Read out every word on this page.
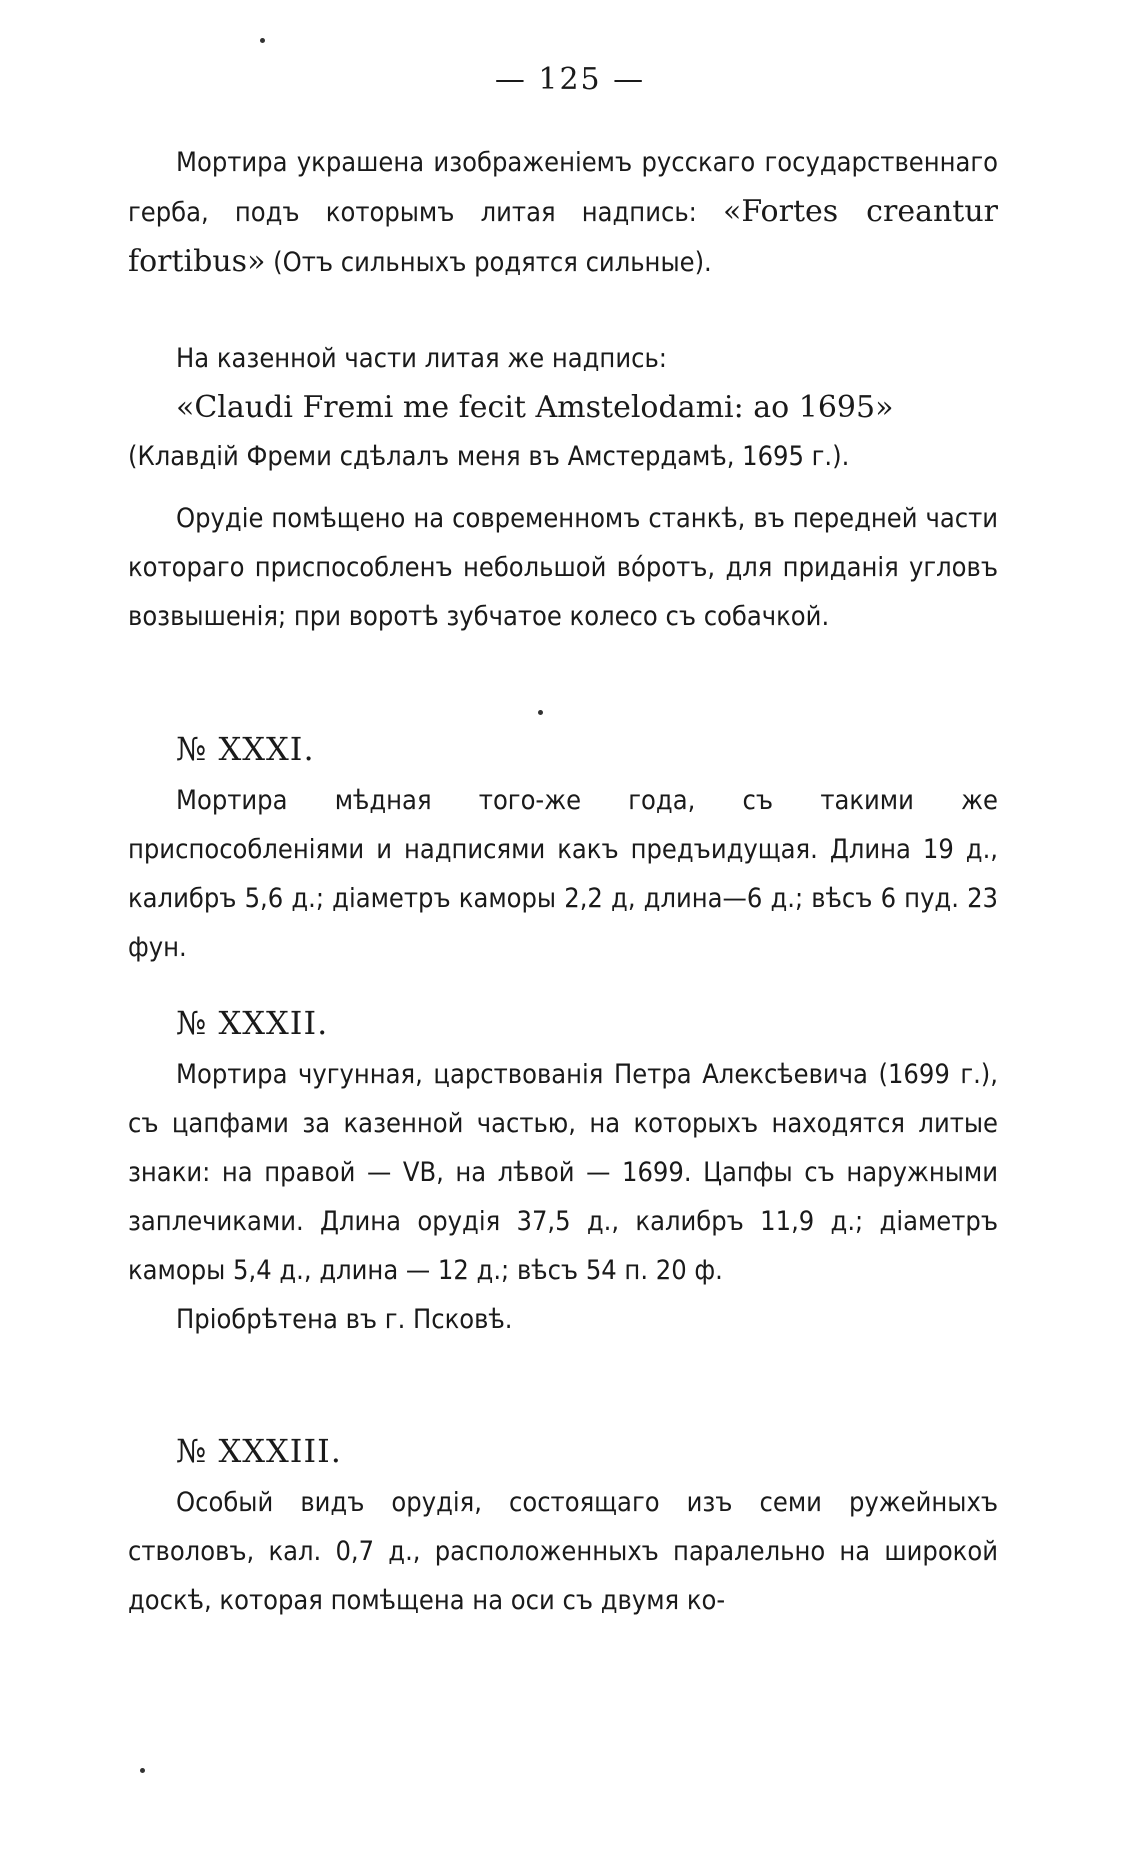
— 125 —

Мортира украшена изображеніемъ русскаго государственнаго герба, подъ которымъ литая надпись: «Fortes creantur fortibus» (Отъ сильныхъ родятся сильные).

На казенной части литая же надпись:

«Claudi Fremi me fecit Amstelodami: ао 1695»

(Клавдій Фреми сдѣлалъ меня въ Амстердамѣ, 1695 г.).

Орудіе помѣщено на современномъ станкѣ, въ передней части котораго приспособленъ небольшой вóротъ, для приданія угловъ возвышенія; при воротѣ зубчатое колесо съ собачкой.

№ XXXI.

Мортира мѣдная того-же года, съ такими же приспособленіями и надписями какъ предъидущая. Длина 19 д., калибръ 5,6 д.; діаметръ каморы 2,2 д, длина—6 д.; вѣсъ 6 пуд. 23 фун.

№ XXXII.

Мортира чугунная, царствованія Петра Алексѣевича (1699 г.), съ цапфами за казенной частью, на которыхъ находятся литые знаки: на правой — VВ, на лѣвой — 1699. Цапфы съ наружными заплечиками. Длина орудія 37,5 д., калибръ 11,9 д.; діаметръ каморы 5,4 д., длина — 12 д.; вѣсъ 54 п. 20 ф.

Пріобрѣтена въ г. Псковѣ.

№ XXXIII.

Особый видъ орудія, состоящаго изъ семи ружейныхъ стволовъ, кал. 0,7 д., расположенныхъ паралельно на широкой доскѣ, которая помѣщена на оси съ двумя ко-
